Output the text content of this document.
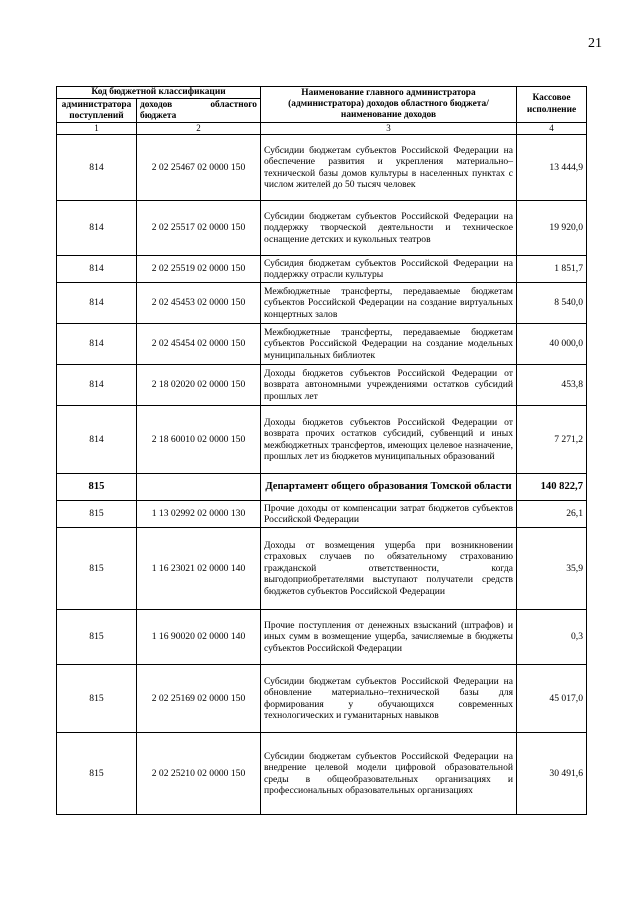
21
Код бюджетной классификации		Наименование главного администратора (администратора) доходов областного бюджета/ наименование доходов	Кассовое исполнение
администратора поступлений	доходов областного
бюджета		

1	2	3	4
814	2 02 25467 02 0000 150	Субсидии бюджетам субъектов Российской Федерации на обеспечение развития и укрепления материально–технической базы домов культуры в населенных пунктах с числом жителей до 50 тысяч человек	13 444,9
814	2 02 25517 02 0000 150	Субсидии бюджетам субъектов Российской Федерации на поддержку творческой деятельности и техническое оснащение детских и кукольных театров	19 920,0
814	2 02 25519 02 0000 150	Субсидия бюджетам субъектов Российской Федерации на поддержку отрасли культуры	1 851,7
814	2 02 45453 02 0000 150	Межбюджетные трансферты, передаваемые бюджетам субъектов Российской Федерации на создание виртуальных концертных залов	8 540,0
814	2 02 45454 02 0000 150	Межбюджетные трансферты, передаваемые бюджетам субъектов Российской Федерации на создание модельных муниципальных библиотек	40 000,0
814	2 18 02020 02 0000 150	Доходы бюджетов субъектов Российской Федерации от возврата автономными учреждениями остатков субсидий прошлых лет	453,8
814	2 18 60010 02 0000 150	Доходы бюджетов субъектов Российской Федерации от возврата прочих остатков субсидий, субвенций и иных межбюджетных трансфертов, имеющих целевое назначение, прошлых лет из бюджетов муниципальных образований	7 271,2
815		Департамент общего образования Томской области	140 822,7
815	1 13 02992 02 0000 130	Прочие доходы от компенсации затрат бюджетов субъектов Российской Федерации	26,1
815	1 16 23021 02 0000 140	Доходы от возмещения ущерба при возникновении страховых случаев по обязательному страхованию гражданской ответственности, когда выгодоприобретателями выступают получатели средств бюджетов субъектов Российской Федерации	35,9
815	1 16 90020 02 0000 140	Прочие поступления от денежных взысканий (штрафов) и иных сумм в возмещение ущерба, зачисляемые в бюджеты субъектов Российской Федерации	0,3
815	2 02 25169 02 0000 150	Субсидии бюджетам субъектов Российской Федерации на обновление материально–технической базы для формирования у обучающихся современных технологических и гуманитарных навыков	45 017,0
815	2 02 25210 02 0000 150	Субсидии бюджетам субъектов Российской Федерации на внедрение целевой модели цифровой образовательной среды в общеобразовательных организациях и профессиональных образовательных организациях	30 491,6
